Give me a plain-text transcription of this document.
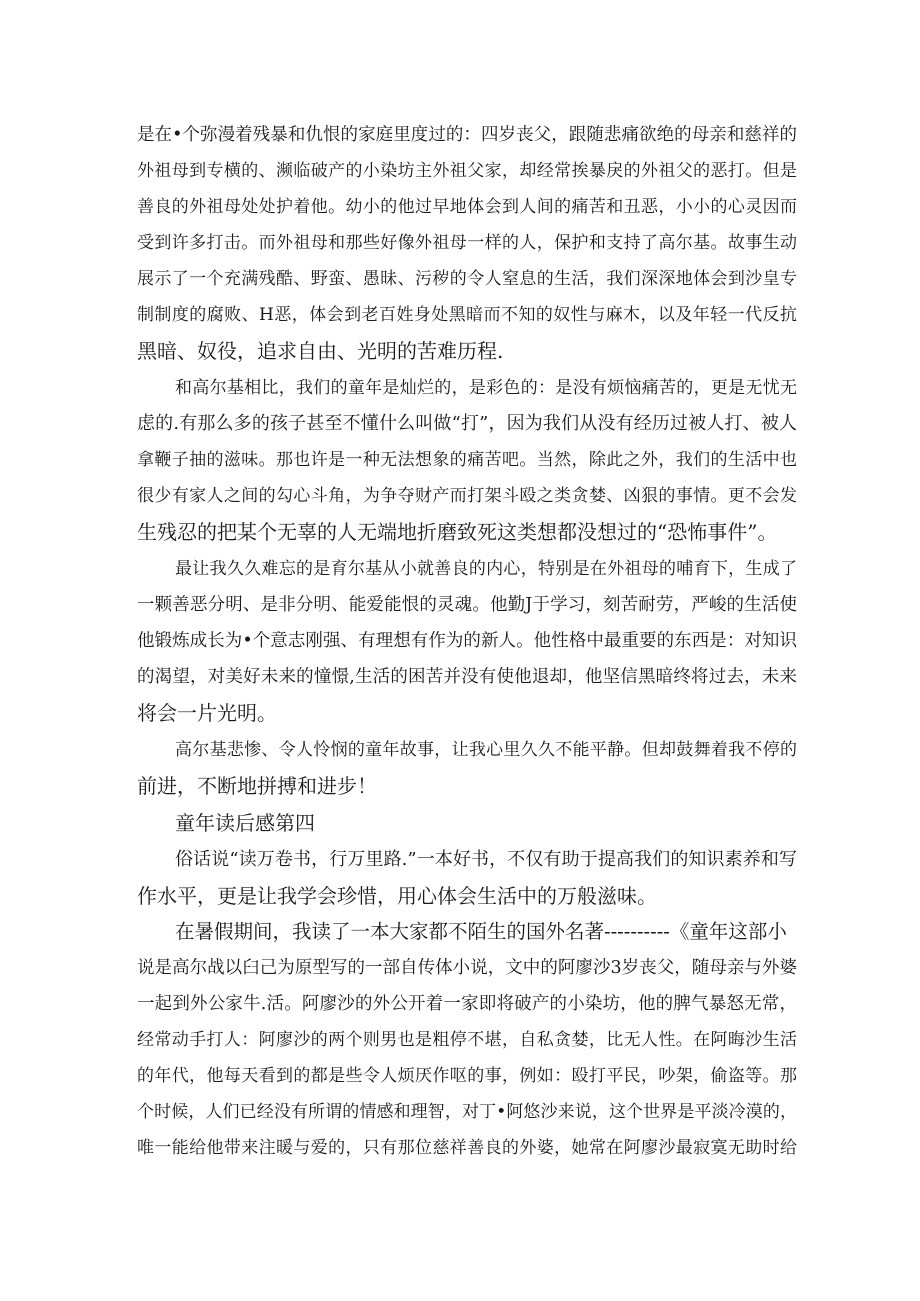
是在•个弥漫着残暴和仇恨的家庭里度过的：四岁丧父，跟随悲痛欲绝的母亲和慈祥的
外祖母到专横的、濒临破产的小染坊主外祖父家，却经常挨暴戾的外祖父的恶打。但是
善良的外祖母处处护着他。幼小的他过早地体会到人间的痛苦和丑恶，小小的心灵因而
受到许多打击。而外祖母和那些好像外祖母一样的人，保护和支持了高尔基。故事生动
展示了一个充满残酷、野蛮、愚昧、污秽的令人窒息的生活，我们深深地体会到沙皇专
制制度的腐败、H恶，体会到老百姓身处黑暗而不知的奴性与麻木，以及年轻一代反抗
黑暗、奴役，追求自由、光明的苦难历程.
和高尔基相比，我们的童年是灿烂的，是彩色的：是没有烦恼痛苦的，更是无忧无
虑的.有那么多的孩子甚至不懂什么叫做“打”，因为我们从没有经历过被人打、被人
拿鞭子抽的滋味。那也许是一种无法想象的痛苦吧。当然，除此之外，我们的生活中也
很少有家人之间的勾心斗角，为争夺财产而打架斗殴之类贪婪、凶狠的事情。更不会发
生残忍的把某个无辜的人无端地折磨致死这类想都没想过的“恐怖事件”。
最让我久久难忘的是育尔基从小就善良的内心，特别是在外祖母的哺育下，生成了
一颗善恶分明、是非分明、能爱能恨的灵魂。他勤J于学习，刻苦耐劳，严峻的生活使
他锻炼成长为•个意志刚强、有理想有作为的新人。他性格中最重要的东西是：对知识
的渴望，对美好未来的憧憬,生活的困苦并没有使他退却，他坚信黑暗终将过去，未来
将会一片光明。
高尔基悲惨、令人怜悯的童年故事，让我心里久久不能平静。但却鼓舞着我不停的
前进，不断地拼搏和进步！
童年读后感第四
俗话说“读万卷书，行万里路.”一本好书，不仅有助于提高我们的知识素养和写
作水平，更是让我学会珍惜，用心体会生活中的万般滋味。
在暑假期间，我读了一本大家都不陌生的国外名著----------《童年这部小
说是高尔战以臼己为原型写的一部自传体小说，文中的阿廖沙3岁丧父，随母亲与外婆
一起到外公家牛.活。阿廖沙的外公开着一家即将破产的小染坊，他的脾气暴怒无常，
经常动手打人：阿廖沙的两个则男也是粗停不堪，自私贪婪，比无人性。在阿晦沙生活
的年代，他每天看到的都是些令人烦厌作呕的事，例如：殴打平民，吵架，偷盗等。那
个时候，人们已经没有所谓的情感和理智，对丁•阿悠沙来说，这个世界是平淡冷漠的，
唯一能给他带来注暖与爱的，只有那位慈祥善良的外婆，她常在阿廖沙最寂寞无助时给
